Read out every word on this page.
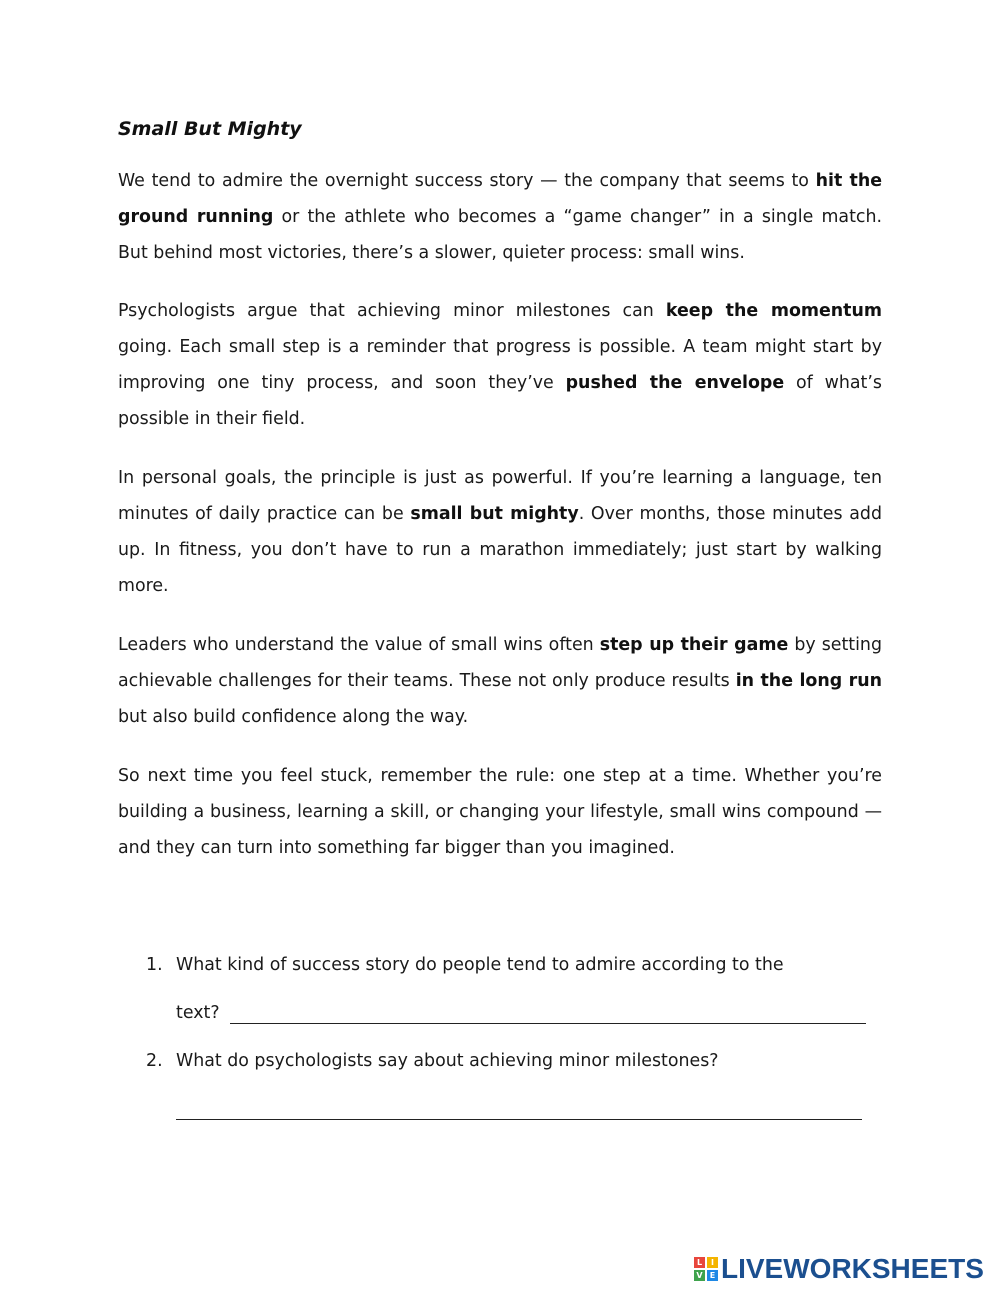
Small But Mighty

We tend to admire the overnight success story — the company that seems to hit the ground running or the athlete who becomes a “game changer” in a single match. But behind most victories, there’s a slower, quieter process: small wins.

Psychologists argue that achieving minor milestones can keep the momentum going. Each small step is a reminder that progress is possible. A team might start by improving one tiny process, and soon they’ve pushed the envelope of what’s possible in their field.

In personal goals, the principle is just as powerful. If you’re learning a language, ten minutes of daily practice can be small but mighty. Over months, those minutes add up. In fitness, you don’t have to run a marathon immediately; just start by walking more.

Leaders who understand the value of small wins often step up their game by setting achievable challenges for their teams. These not only produce results in the long run but also build confidence along the way.

So next time you feel stuck, remember the rule: one step at a time. Whether you’re building a business, learning a skill, or changing your lifestyle, small wins compound — and they can turn into something far bigger than you imagined.

1. What kind of success story do people tend to admire according to the
text?
2. What do psychologists say about achieving minor milestones?
L	I
V E LIVEWORKSHEETS
